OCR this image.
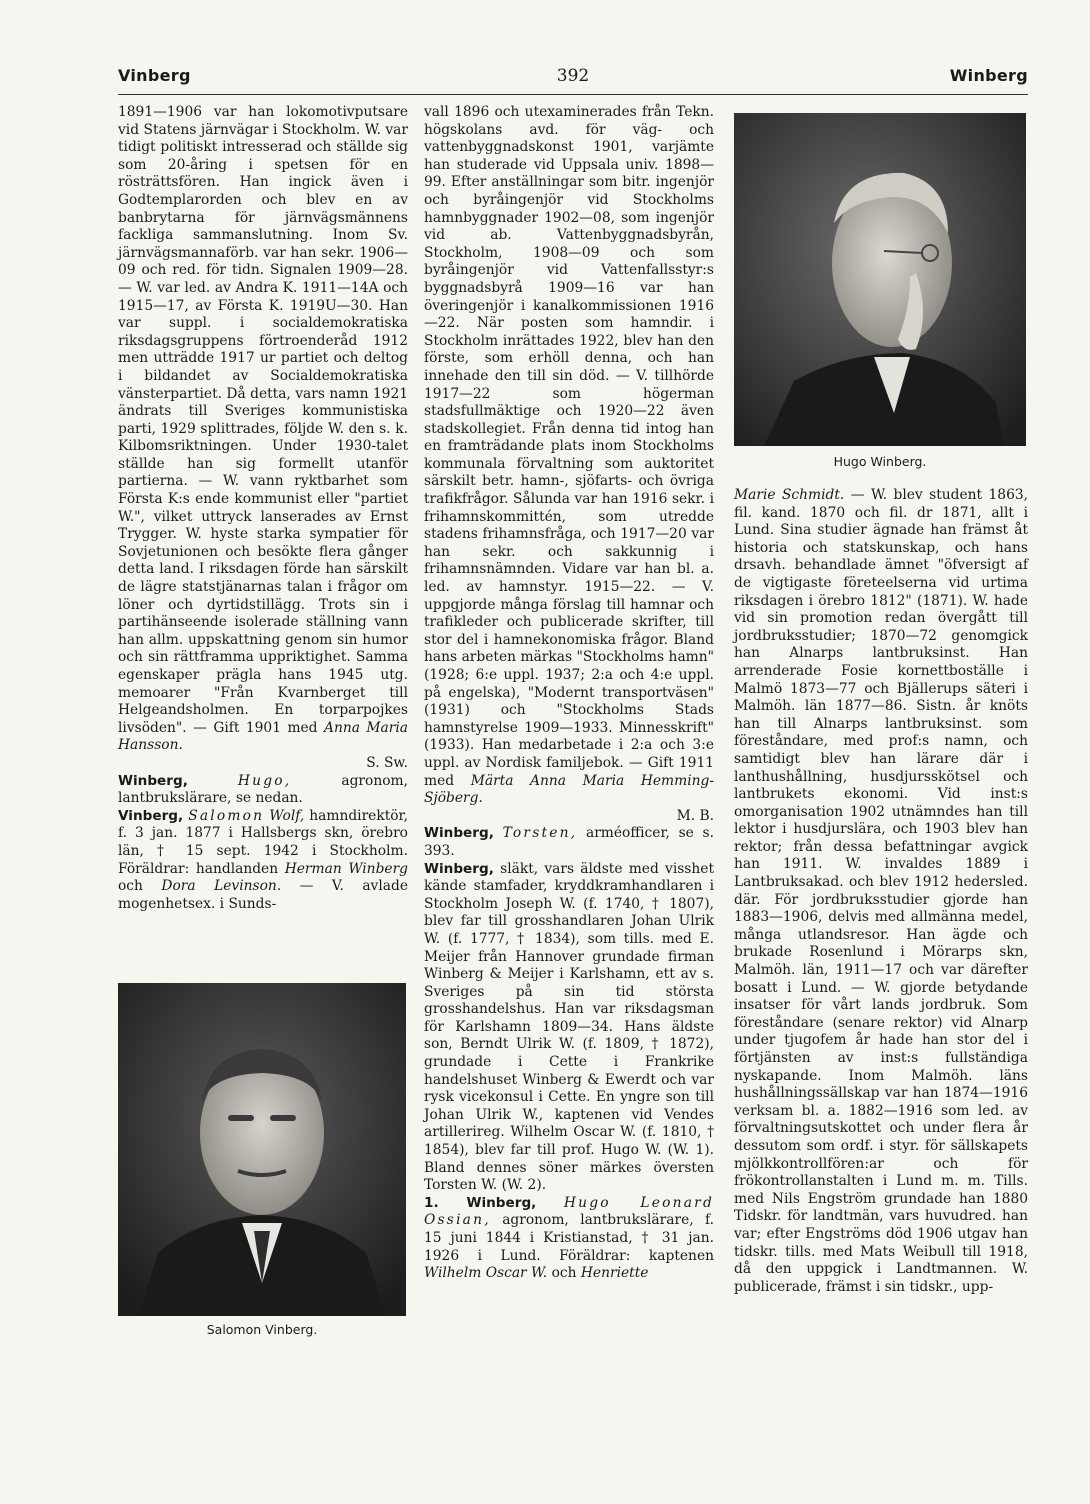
Vinberg	392	Winberg

1891—1906 var han lokomotivputsare vid Statens järnvägar i Stockholm. W. var tidigt politiskt intresserad och ställde sig som 20-åring i spetsen för en rösträttsfören. Han ingick även i Godtemplarorden och blev en av banbrytarna för järnvägsmännens fackliga sammanslutning. Inom Sv. järnvägsmannaförb. var han sekr. 1906—09 och red. för tidn. Signalen 1909—28. — W. var led. av Andra K. 1911—14A och 1915—17, av Första K. 1919U—30. Han var suppl. i socialdemokratiska riksdagsgruppens förtroenderåd 1912 men utträdde 1917 ur partiet och deltog i bildandet av Socialdemokratiska vänsterpartiet. Då detta, vars namn 1921 ändrats till Sveriges kommunistiska parti, 1929 splittrades, följde W. den s. k. Kilbomsriktningen. Under 1930-talet ställde han sig formellt utanför partierna. — W. vann ryktbarhet som Första K:s ende kommunist eller "partiet W.", vilket uttryck lanserades av Ernst Trygger. W. hyste starka sympatier för Sovjetunionen och besökte flera gånger detta land. I riksdagen förde han särskilt de lägre statstjänarnas talan i frågor om löner och dyrtidstillägg. Trots sin i partihänseende isolerade ställning vann han allm. uppskattning genom sin humor och sin rättframma uppriktighet. Samma egenskaper prägla hans 1945 utg. memoarer "Från Kvarnberget till Helgeandsholmen. En torparpojkes livsöden". — Gift 1901 med Anna Maria Hansson.
S. Sw.

Winberg,	Hugo,	agronom, lantbrukslärare, se nedan.

Vinberg, Salomon Wolf, hamndirektör, f. 3 jan. 1877 i Hallsbergs skn, örebro län, † 15 sept. 1942 i Stockholm. Föräldrar: handlanden Herman Winberg och Dora Levinson. — V. avlade mogenhetsex. i Sunds-

Salomon Vinberg.

vall 1896 och utexaminerades från Tekn. högskolans avd. för väg- och vattenbyggnadskonst 1901, varjämte han studerade vid Uppsala univ. 1898—99. Efter anställningar som bitr. ingenjör och byråingenjör vid Stockholms hamnbyggnader 1902—08, som ingenjör vid ab. Vattenbyggnadsbyrån, Stockholm, 1908—09 och som byråingenjör vid Vattenfallsstyr:s byggnadsbyrå 1909—16 var han överingenjör i kanalkommissionen 1916—22. När posten som hamndir. i Stockholm inrättades 1922, blev han den förste, som erhöll denna, och han innehade den till sin död. — V. tillhörde 1917—22 som högerman stadsfullmäktige och 1920—22 även stadskollegiet. Från denna tid intog han en framträdande plats inom Stockholms kommunala förvaltning som auktoritet särskilt betr. hamn-, sjöfarts- och övriga trafikfrågor. Sålunda var han 1916 sekr. i frihamnskommittén, som utredde stadens frihamnsfråga, och 1917—20 var han sekr. och sakkunnig i frihamnsnämnden. Vidare var han bl. a. led. av hamnstyr. 1915—22. — V. uppgjorde många förslag till hamnar och trafikleder och publicerade skrifter, till stor del i hamnekonomiska frågor. Bland hans arbeten märkas "Stockholms hamn" (1928; 6:e uppl. 1937; 2:a och 4:e uppl. på engelska), "Modernt transportväsen" (1931) och "Stockholms Stads hamnstyrelse 1909—1933. Minnesskrift" (1933). Han medarbetade i 2:a och 3:e uppl. av Nordisk familjebok. — Gift 1911 med Märta Anna Maria Hemming-Sjöberg.
M. B.

Winberg, Torsten, arméofficer, se s. 393.

Winberg, släkt, vars äldste med visshet kände stamfader, kryddkramhandlaren i Stockholm Joseph W. (f. 1740, † 1807), blev far till grosshandlaren Johan Ulrik W. (f. 1777, † 1834), som tills. med E. Meijer från Hannover grundade firman Winberg & Meijer i Karlshamn, ett av s. Sveriges på sin tid största grosshandelshus. Han var riksdagsman för Karlshamn 1809—34. Hans äldste son, Berndt Ulrik W. (f. 1809, † 1872), grundade i Cette i Frankrike handelshuset Winberg & Ewerdt och var rysk vicekonsul i Cette. En yngre son till Johan Ulrik W., kaptenen vid Vendes artillerireg. Wilhelm Oscar W. (f. 1810, † 1854), blev far till prof. Hugo W. (W. 1). Bland dennes söner märkes översten Torsten W. (W. 2).

1. Winberg, Hugo Leonard Ossian, agronom, lantbrukslärare, f. 15 juni 1844 i Kristianstad, † 31 jan. 1926 i Lund. Föräldrar: kaptenen Wilhelm Oscar W. och Henriette

Hugo Winberg.

Marie Schmidt. — W. blev student 1863, fil. kand. 1870 och fil. dr 1871, allt i Lund. Sina studier ägnade han främst åt historia och statskunskap, och hans drsavh. behandlade ämnet "öfversigt af de vigtigaste företeelserna vid urtima riksdagen i örebro 1812" (1871). W. hade vid sin promotion redan övergått till jordbruksstudier; 1870—72 genomgick han Alnarps lantbruksinst. Han arrenderade Fosie kornettboställe i Malmö 1873—77 och Bjällerups säteri i Malmöh. län 1877—86. Sistn. år knöts han till Alnarps lantbruksinst. som föreståndare, med prof:s namn, och samtidigt blev han lärare där i lanthushållning, husdjursskötsel och lantbrukets ekonomi. Vid inst:s omorganisation 1902 utnämndes han till lektor i husdjurslära, och 1903 blev han rektor; från dessa befattningar avgick han 1911. W. invaldes 1889 i Lantbruksakad. och blev 1912 hedersled. där. För jordbruksstudier gjorde han 1883—1906, delvis med allmänna medel, många utlandsresor. Han ägde och brukade Rosenlund i Mörarps skn, Malmöh. län, 1911—17 och var därefter bosatt i Lund. — W. gjorde betydande insatser för vårt lands jordbruk. Som föreståndare (senare rektor) vid Alnarp under tjugofem år hade han stor del i förtjänsten av inst:s fullständiga nyskapande. Inom Malmöh. läns hushållningssällskap var han 1874—1916 verksam bl. a. 1882—1916 som led. av förvaltningsutskottet och under flera år dessutom som ordf. i styr. för sällskapets mjölkkontrollfören:ar och för frökontrollanstalten i Lund m. m. Tills. med Nils Engström grundade han 1880 Tidskr. för landtmän, vars huvudred. han var; efter Engströms död 1906 utgav han tidskr. tills. med Mats Weibull till 1918, då den uppgick i Landtmannen. W. publicerade, främst i sin tidskr., upp-
